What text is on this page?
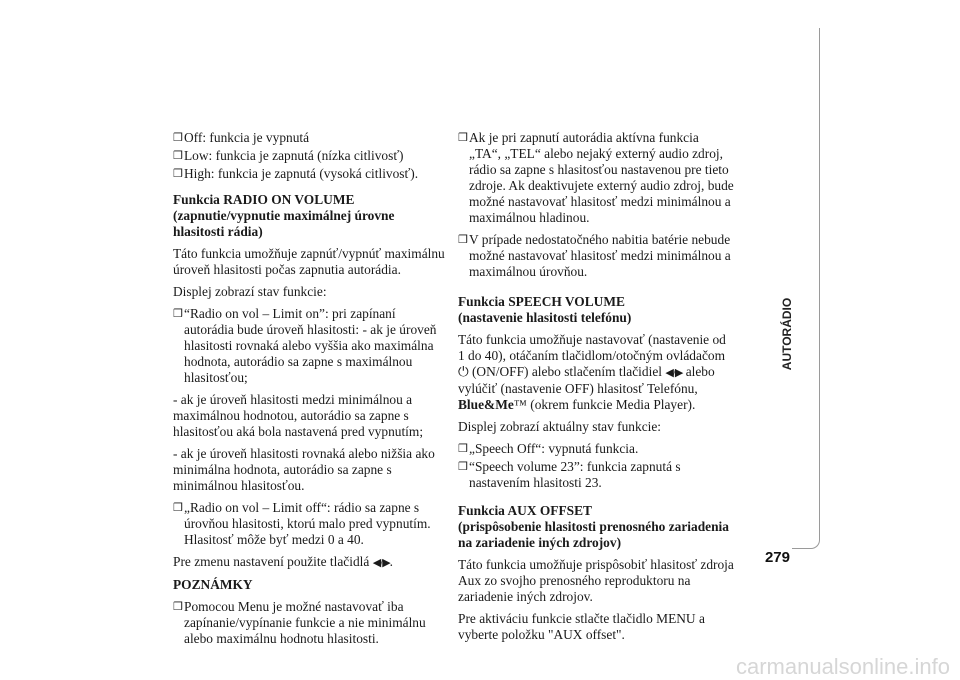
❒ Off: funkcia je vypnutá
❒ Low: funkcia je zapnutá (nízka citlivosť)
❒ High: funkcia je zapnutá (vysoká citlivosť).
Funkcia RADIO ON VOLUME
(zapnutie/vypnutie maximálnej úrovne hlasitosti rádia)

Táto funkcia umožňuje zapnúť/vypnúť maximálnu úroveň hlasitosti počas zapnutia autorádia.

Displej zobrazí stav funkcie:

❒ “Radio on vol – Limit on”: pri zapínaní autorádia bude úroveň hlasitosti: - ak je úroveň hlasitosti rovnaká alebo vyššia ako maximálna hodnota, autorádio sa zapne s maximálnou hlasitosťou;

- ak je úroveň hlasitosti medzi minimálnou a maximálnou hodnotou, autorádio sa zapne s hlasitosťou aká bola nastavená pred vypnutím;

- ak je úroveň hlasitosti rovnaká alebo nižšia ako minimálna hodnota, autorádio sa zapne s minimálnou hlasitosťou.

❒ „Radio on vol – Limit off“: rádio sa zapne s úrovňou hlasitosti, ktorú malo pred vypnutím. Hlasitosť môže byť medzi 0 a 40.

Pre zmenu nastavení použite tlačidlá ◀/▶.

POZNÁMKY
❒ Pomocou Menu je možné nastavovať iba zapínanie/vypínanie funkcie a nie minimálnu alebo maximálnu hodnotu hlasitosti.
❒ Ak je pri zapnutí autorádia aktívna funkcia „TA“, „TEL“ alebo nejaký externý audio zdroj, rádio sa zapne s hlasitosťou nastavenou pre tieto zdroje. Ak deaktivujete externý audio zdroj, bude možné nastavovať hlasitosť medzi minimálnou a maximálnou hladinou.
❒ V prípade nedostatočného nabitia batérie nebude možné nastavovať hlasitosť medzi minimálnou a maximálnou úrovňou.
Funkcia SPEECH VOLUME
(nastavenie hlasitosti telefónu)

Táto funkcia umožňuje nastavovať (nastavenie od 1 do 40), otáčaním tlačidlom/otočným ovládačom ⏻ (ON/OFF) alebo stlačením tlačidiel ◀/▶ alebo vylúčiť (nastavenie OFF) hlasitosť Telefónu, Blue&Me™ (okrem funkcie Media Player).

Displej zobrazí aktuálny stav funkcie:

❒ „Speech Off“: vypnutá funkcia.
❒ “Speech volume 23”: funkcia zapnutá s nastavením hlasitosti 23.
Funkcia AUX OFFSET
(prispôsobenie hlasitosti prenosného zariadenia na zariadenie iných zdrojov)

Táto funkcia umožňuje prispôsobiť hlasitosť zdroja Aux zo svojho prenosného reproduktoru na zariadenie iných zdrojov.

Pre aktiváciu funkcie stlačte tlačidlo MENU a vyberte položku "AUX offset".

AUTORÁDIO
279
carmanualsonline.info
